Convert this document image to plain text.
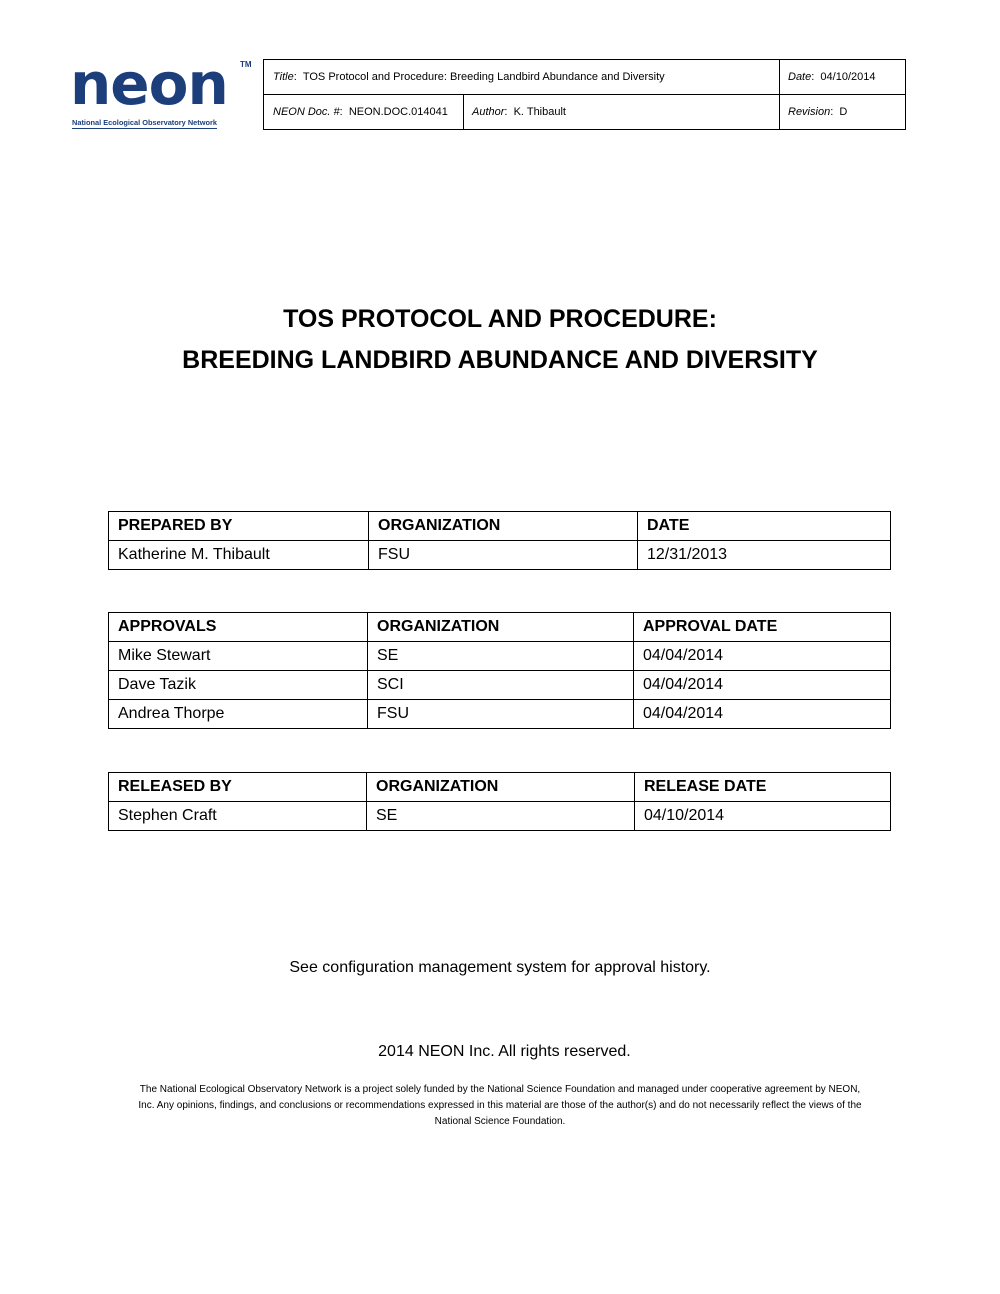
neon TM
National Ecological Observatory Network
Title : TOS Protocol and Procedure: Breeding Landbird Abundance and Diversity	Date : 04/10/2014
NEON Doc. # : NEON.DOC.014041 Author : K. Thibault	Revision : D
TOS PROTOCOL AND PROCEDURE:
BREEDING LANDBIRD ABUNDANCE AND DIVERSITY
PREPARED BY	ORGANIZATION	DATE
Katherine M. Thibault	FSU	12/31/2013
APPROVALS	ORGANIZATION	APPROVAL DATE
Mike Stewart	SE	04/04/2014
Dave Tazik	SCI	04/04/2014
Andrea Thorpe	FSU	04/04/2014
RELEASED BY	ORGANIZATION	RELEASE DATE
Stephen Craft	SE	04/10/2014
See configuration management system for approval history.
2014 NEON Inc. All rights reserved.
The National Ecological Observatory Network is a project solely funded by the National Science Foundation and managed under cooperative agreement by NEON,
Inc. Any opinions, findings, and conclusions or recommendations expressed in this material are those of the author(s) and do not necessarily reflect the views of the
National Science Foundation.
